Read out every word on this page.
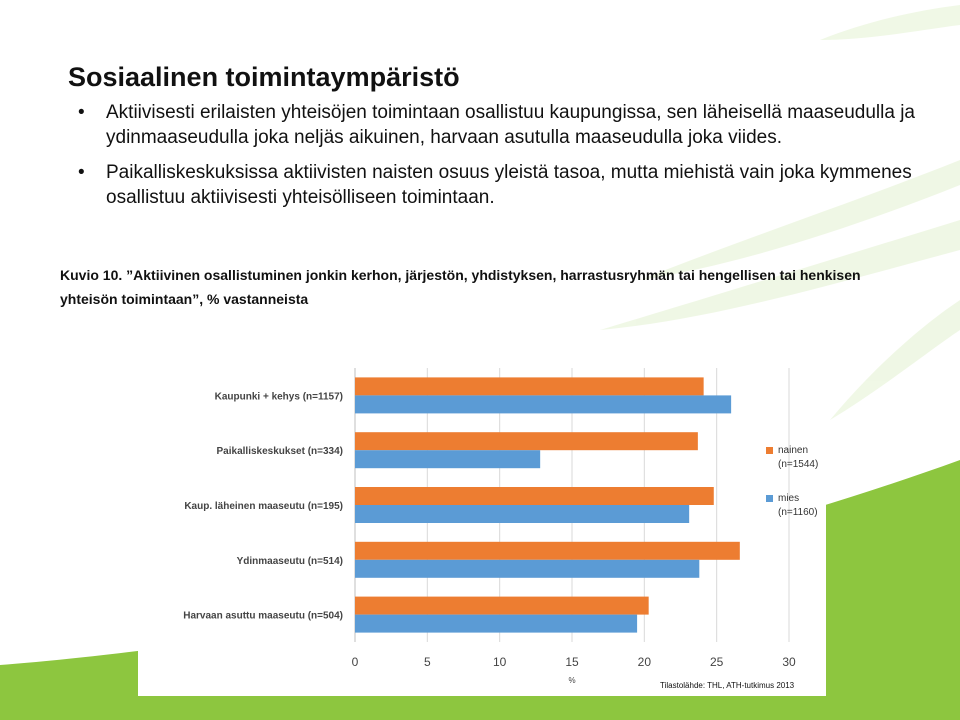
Sosiaalinen toimintaympäristö
• Aktiivisesti erilaisten yhteisöjen toimintaan osallistuu kaupungissa, sen läheisellä maaseudulla ja ydinmaaseudulla joka neljäs aikuinen, harvaan asutulla maaseudulla joka viides.
• Paikalliskeskuksissa aktiivisten naisten osuus yleistä tasoa, mutta miehistä vain joka kymmenes osallistuu aktiivisesti yhteisölliseen toimintaan.
Kuvio 10. ”Aktiivinen osallistuminen jonkin kerhon, järjestön, yhdistyksen, harrastusryhmän tai hengellisen tai henkisen yhteisön toimintaan”, % vastanneista
0	5	10	15	20	25	30
%
Kaupunki + kehys (n=1157)
Paikalliskeskukset (n=334)
Kaup. läheinen maaseutu (n=195)
Ydinmaaseutu (n=514)
Harvaan asuttu maaseutu (n=504)
nainen
(n=1544)
mies
(n=1160)
Tilastolähde: THL, ATH-tutkimus 2013
